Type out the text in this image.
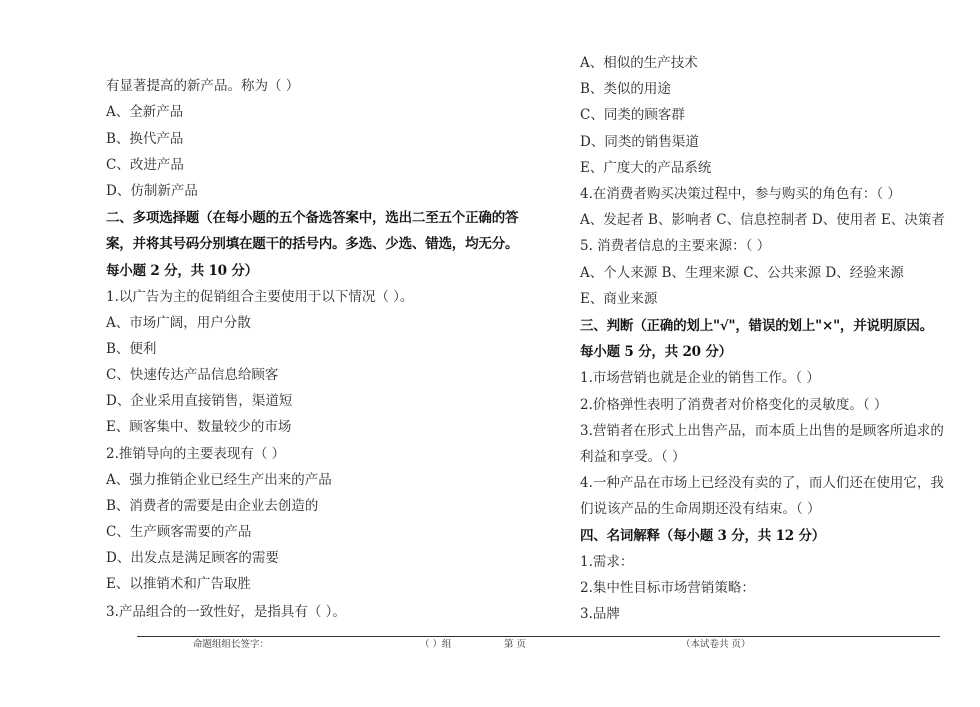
有显著提高的新产品。称为（ ）
A、全新产品
B、换代产品
C、改进产品
D、仿制新产品
二、多项选择题（在每小题的五个备选答案中，选出二至五个正确的答
案，并将其号码分别填在题干的括号内。多选、少选、错选，均无分。
每小题 2 分，共 10 分）
1.以广告为主的促销组合主要使用于以下情况（ ）。
A、市场广阔，用户分散
B、便利
C、快速传达产品信息给顾客
D、企业采用直接销售，渠道短
E、顾客集中、数量较少的市场
2.推销导向的主要表现有（ ）
A、强力推销企业已经生产出来的产品
B、消费者的需要是由企业去创造的
C、生产顾客需要的产品
D、出发点是满足顾客的需要
E、以推销术和广告取胜
3.产品组合的一致性好，是指具有（ ）。
A、相似的生产技术
B、类似的用途
C、同类的顾客群
D、同类的销售渠道
E、广度大的产品系统
4.在消费者购买决策过程中，参与购买的角色有：（ ）
A、发起者 B、影响者 C、信息控制者 D、使用者 E、决策者
5. 消费者信息的主要来源：（ ）
A、个人来源 B、生理来源 C、公共来源 D、经验来源
E、商业来源
三、判断（正确的划上"√"，错误的划上"×"，并说明原因。
每小题 5 分，共 20 分）
1.市场营销也就是企业的销售工作。（ ）
2.价格弹性表明了消费者对价格变化的灵敏度。（ ）
3.营销者在形式上出售产品，而本质上出售的是顾客所追求的
利益和享受。（ ）
4.一种产品在市场上已经没有卖的了，而人们还在使用它，我
们说该产品的生命周期还没有结束。（ ）
四、名词解释（每小题 3 分，共 12 分）
1.需求：
2.集中性目标市场营销策略：
3.品牌
命题组组长签字：	（ ）组	第 页	（本试卷共 页）
